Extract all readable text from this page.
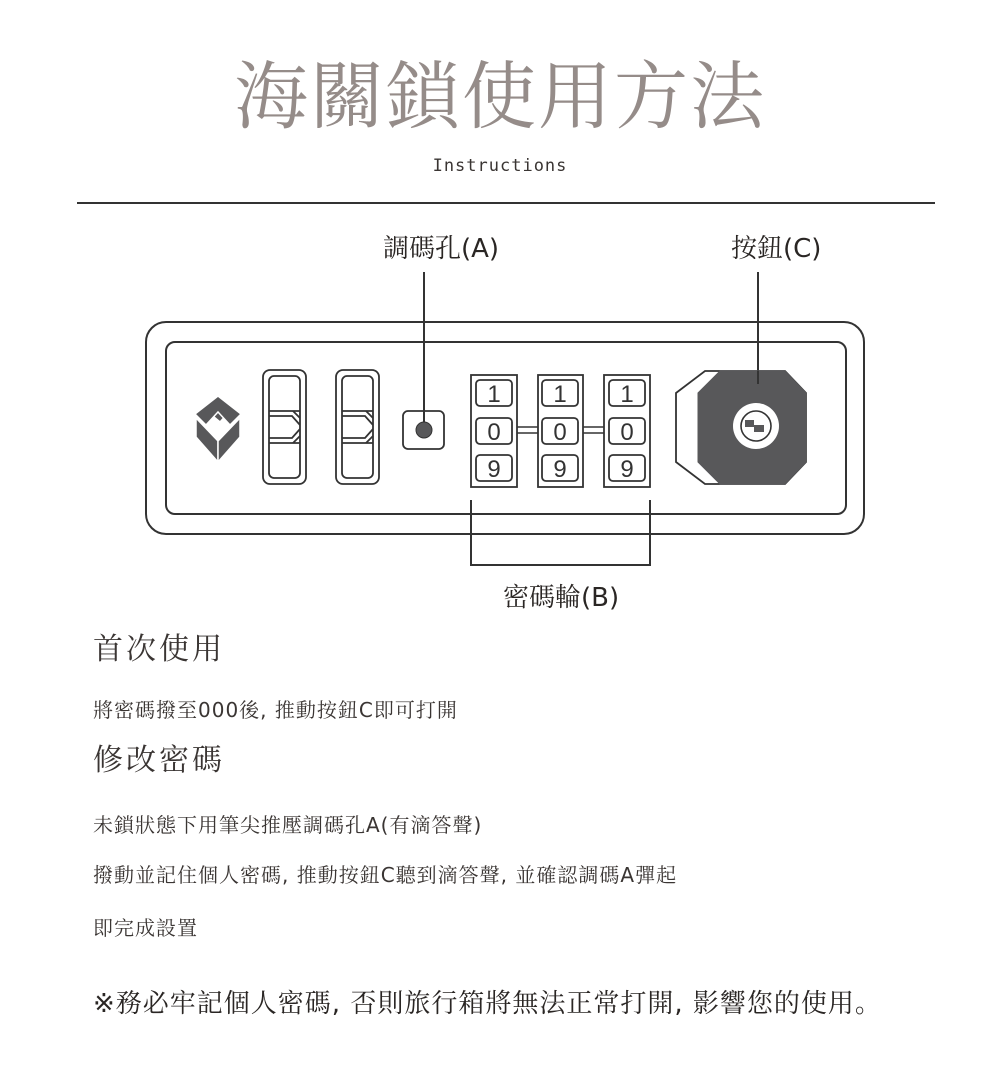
海關鎖使用方法
Instructions
調碼孔(A)	按鈕(C)
密碼輪(B)
1
0
9
1
0
9
1
0
9
首次使用
將密碼撥至000後, 推動按鈕C即可打開
修改密碼
未鎖狀態下用筆尖推壓調碼孔A(有滴答聲)
撥動並記住個人密碼, 推動按鈕C聽到滴答聲, 並確認調碼A彈起
即完成設置
※務必牢記個人密碼, 否則旅行箱將無法正常打開, 影響您的使用。
